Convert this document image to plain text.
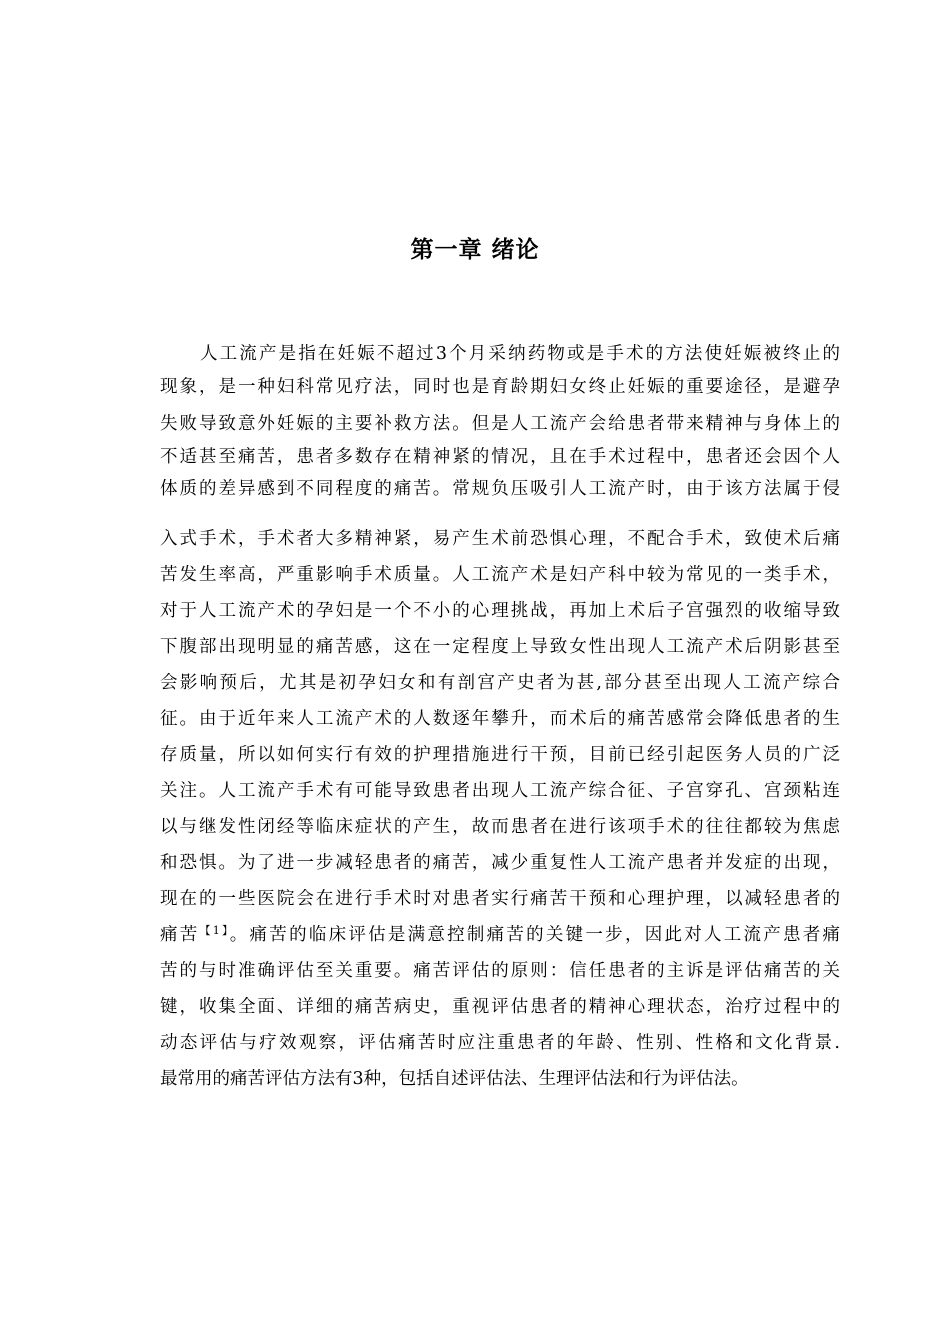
第一章 绪论
人工流产是指在妊娠不超过3个月采纳药物或是手术的方法使妊娠被终止的
现象，是一种妇科常见疗法，同时也是育龄期妇女终止妊娠的重要途径，是避孕
失败导致意外妊娠的主要补救方法。但是人工流产会给患者带来精神与身体上的
不适甚至痛苦，患者多数存在精神紧的情况，且在手术过程中，患者还会因个人
体质的差异感到不同程度的痛苦。常规负压吸引人工流产时，由于该方法属于侵
入式手术，手术者大多精神紧，易产生术前恐惧心理，不配合手术，致使术后痛
苦发生率高，严重影响手术质量。人工流产术是妇产科中较为常见的一类手术，
对于人工流产术的孕妇是一个不小的心理挑战，再加上术后子宫强烈的收缩导致
下腹部出现明显的痛苦感，这在一定程度上导致女性出现人工流产术后阴影甚至
会影响预后，尤其是初孕妇女和有剖宫产史者为甚,部分甚至出现人工流产综合
征。由于近年来人工流产术的人数逐年攀升，而术后的痛苦感常会降低患者的生
存质量，所以如何实行有效的护理措施进行干预，目前已经引起医务人员的广泛
关注。人工流产手术有可能导致患者出现人工流产综合征、子宫穿孔、宫颈粘连
以与继发性闭经等临床症状的产生，故而患者在进行该项手术的往往都较为焦虑
和恐惧。为了进一步减轻患者的痛苦，减少重复性人工流产患者并发症的出现，
现在的一些医院会在进行手术时对患者实行痛苦干预和心理护理，以减轻患者的
痛苦$^{【1】}$。痛苦的临床评估是满意控制痛苦的关键一步，因此对人工流产患者痛
苦的与时准确评估至关重要。痛苦评估的原则：信任患者的主诉是评估痛苦的关
键，收集全面、详细的痛苦病史，重视评估患者的精神心理状态，治疗过程中的
动态评估与疗效观察，评估痛苦时应注重患者的年龄、性别、性格和文化背景.
最常用的痛苦评估方法有3种，包括自述评估法、生理评估法和行为评估法。
